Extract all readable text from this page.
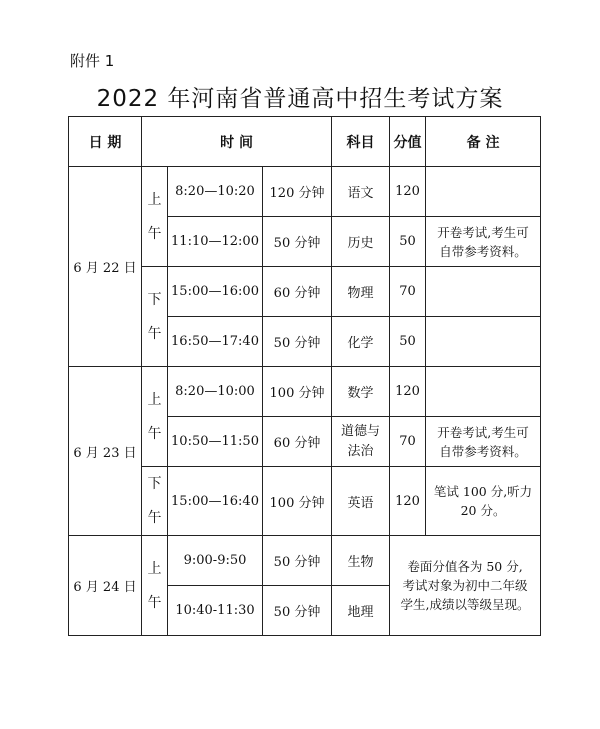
附件 1
2022 年河南省普通高中招生考试方案
日 期	时 间			科目	分值	备 注
6 月 22 日	上
午	8:20—10:20	120 分钟	语文	120	
		11:10—12:00	50 分钟	历史	50	开卷考试,考生可
自带参考资料。
	下
午	15:00—16:00	60 分钟	物理	70	
		16:50—17:40	50 分钟	化学	50	
6 月 23 日	上
午	8:20—10:00	100 分钟	数学	120	
		10:50—11:50	60 分钟	道德与
法治	70	开卷考试,考生可
自带参考资料。
	下
午	15:00—16:40	100 分钟	英语	120	笔试 100 分,听力
20 分。
6 月 24 日	上
午	9:00-9:50	50 分钟	生物	卷面分值各为 50 分,
考试对象为初中二年级
学生,成绩以等级呈现。	
		10:40-11:30	50 分钟	地理		
